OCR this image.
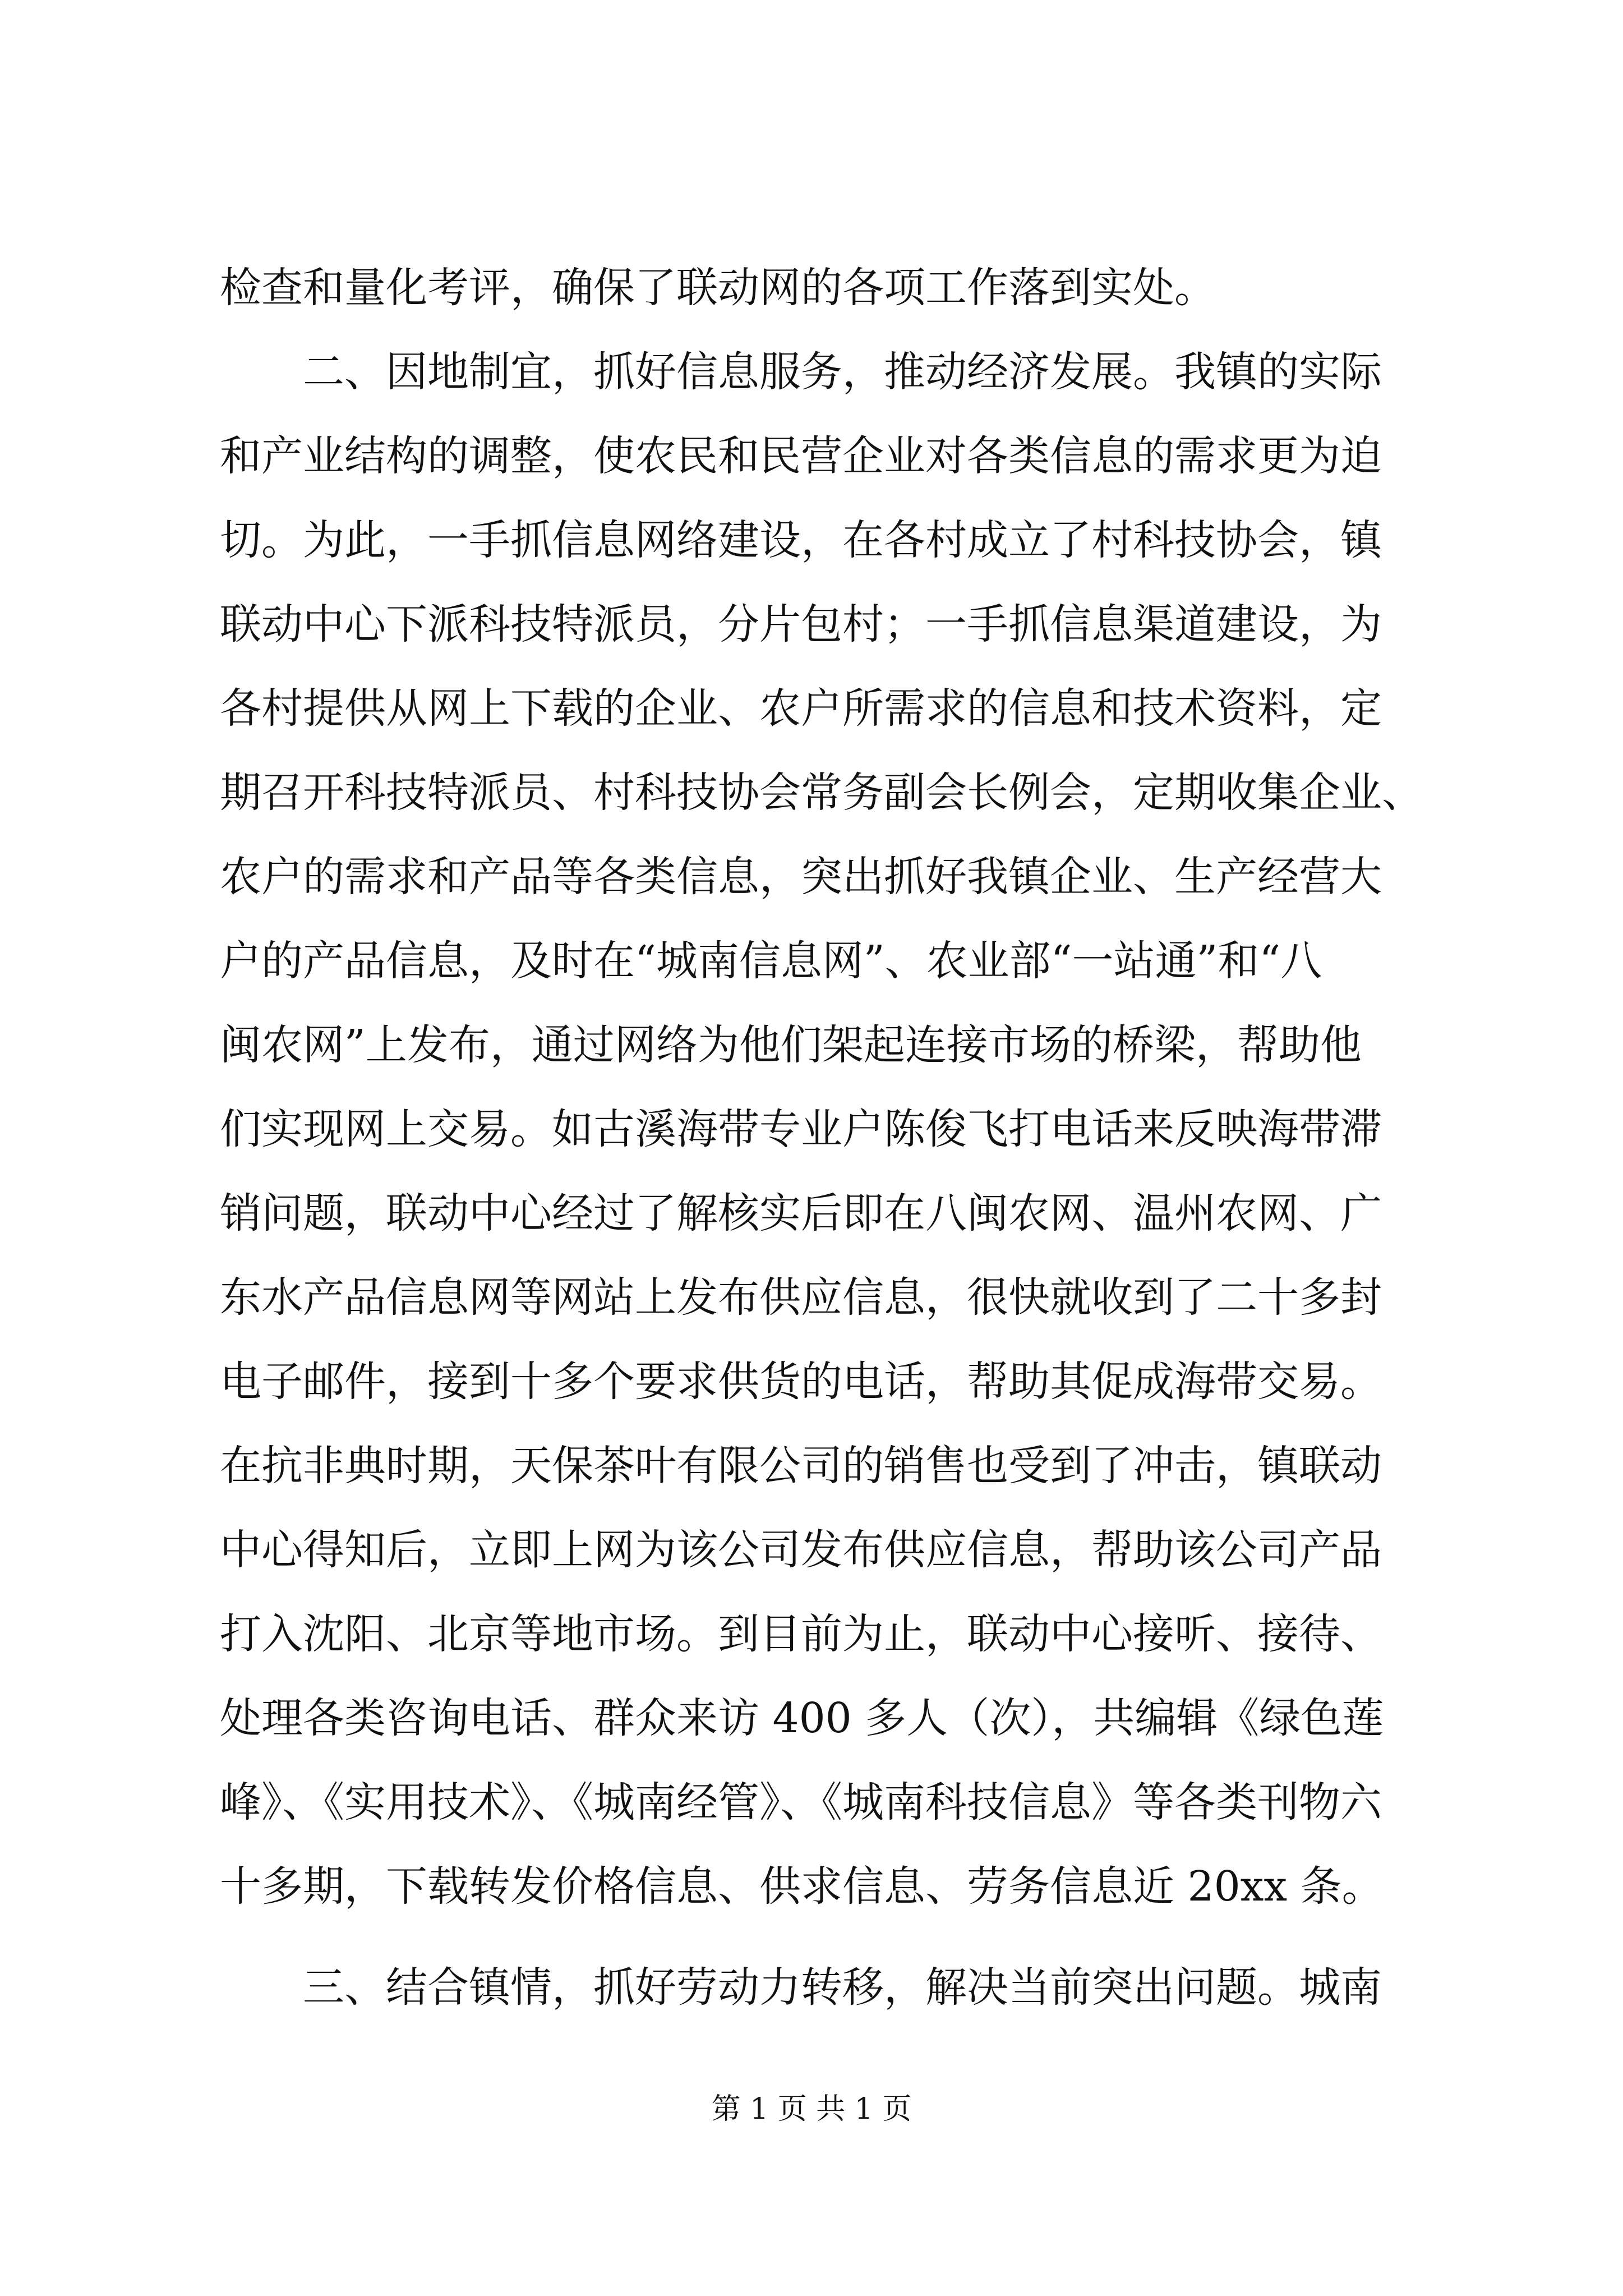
检查和量化考评，确保了联动网的各项工作落到实处。
二、因地制宜，抓好信息服务，推动经济发展。我镇的实际
和产业结构的调整，使农民和民营企业对各类信息的需求更为迫
切。为此，一手抓信息网络建设，在各村成立了村科技协会，镇
联动中心下派科技特派员，分片包村；一手抓信息渠道建设，为
各村提供从网上下载的企业、农户所需求的信息和技术资料，定
期召开科技特派员、村科技协会常务副会长例会，定期收集企业、
农户的需求和产品等各类信息，突出抓好我镇企业、生产经营大
户的产品信息，及时在“城南信息网”、农业部“一站通”和“八
闽农网”上发布，通过网络为他们架起连接市场的桥梁，帮助他
们实现网上交易。如古溪海带专业户陈俊飞打电话来反映海带滞
销问题，联动中心经过了解核实后即在八闽农网、温州农网、广
东水产品信息网等网站上发布供应信息，很快就收到了二十多封
电子邮件，接到十多个要求供货的电话，帮助其促成海带交易。
在抗非典时期，天保茶叶有限公司的销售也受到了冲击，镇联动
中心得知后，立即上网为该公司发布供应信息，帮助该公司产品
打入沈阳、北京等地市场。到目前为止，联动中心接听、接待、
处理各类咨询电话、群众来访 400 多人（次），共编辑《绿色莲
峰》、《实用技术》、《城南经管》、《城南科技信息》等各类刊物六
十多期，下载转发价格信息、供求信息、劳务信息近 20xx 条。
三、结合镇情，抓好劳动力转移，解决当前突出问题。城南
第 1 页 共 1 页
